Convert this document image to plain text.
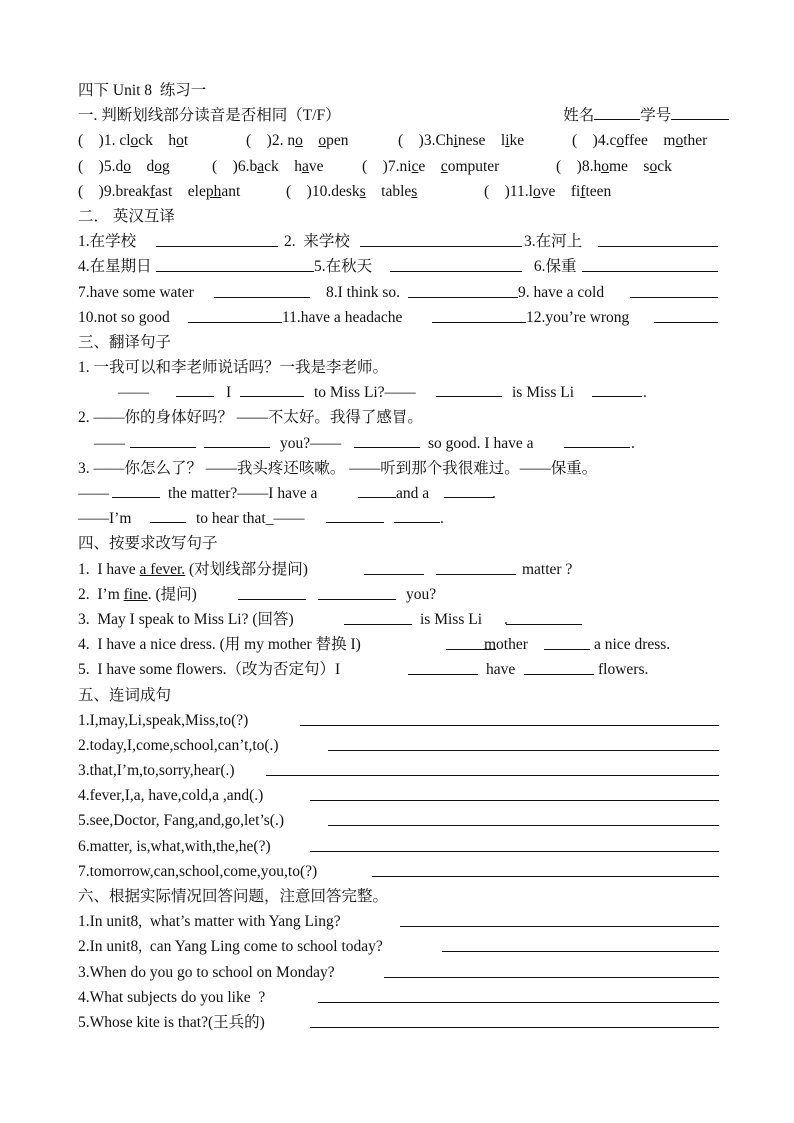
四下 Unit 8  练习一

姓名	学号

一. 判断划线部分读音是否相同（T/F）
(    )1. clock hot	(    )2. no open	(    )3.Chinese like	(    )4.coffee mother
(    )5.do dog	(    )6.back have (    )7.nice computer	(    )8.home sock
(    )9.breakfast elephant	(    )10.desks tables	(    )11.love fifteen
二． 英汉互译
1.在学校	2.  来学校	3.在河上
4.在星期日	5.在秋天	6.保重
7.have some water	8.I think so.	9. have a cold
10.not so good	11.have a headache	12.you’re wrong
三、翻译句子
1. 一我可以和李老师说话吗？一我是李老师。
——	I	to Miss Li?——	is Miss Li	.
2. ——你的身体好吗？ ——不太好。我得了感冒。
——	you?——	so good. I have a	.
3. ——你怎么了？ ——我头疼还咳嗽。 ——听到那个我很难过。——保重。
——	the matter?——I have a	and a	.
——I’m	to hear that_——	.
四、按要求改写句子
1.  I have a fever. (对划线部分提问)	matter ?
2.  I’m fine. (提问)	you?
3.  May I speak to Miss Li? (回答)	is Miss Li .
4.  I have a nice dress. (用 my mother 替换 I)	mother	a nice dress.
5.  I have some flowers.（改为否定句）I	have	flowers.
五、连词成句
1.I,may,Li,speak,Miss,to(?)
2.today,I,come,school,can’t,to(.)
3.that,I’m,to,sorry,hear(.)
4.fever,I,a, have,cold,a ,and(.)
5.see,Doctor, Fang,and,go,let’s(.)
6.matter, is,what,with,the,he(?)
7.tomorrow,can,school,come,you,to(?)
六、根据实际情况回答问题，注意回答完整。
1.In unit8,  what’s matter with Yang Ling?
2.In unit8,  can Yang Ling come to school today?
3.When do you go to school on Monday?
4.What subjects do you like  ?
5.Whose kite is that?(王兵的)
